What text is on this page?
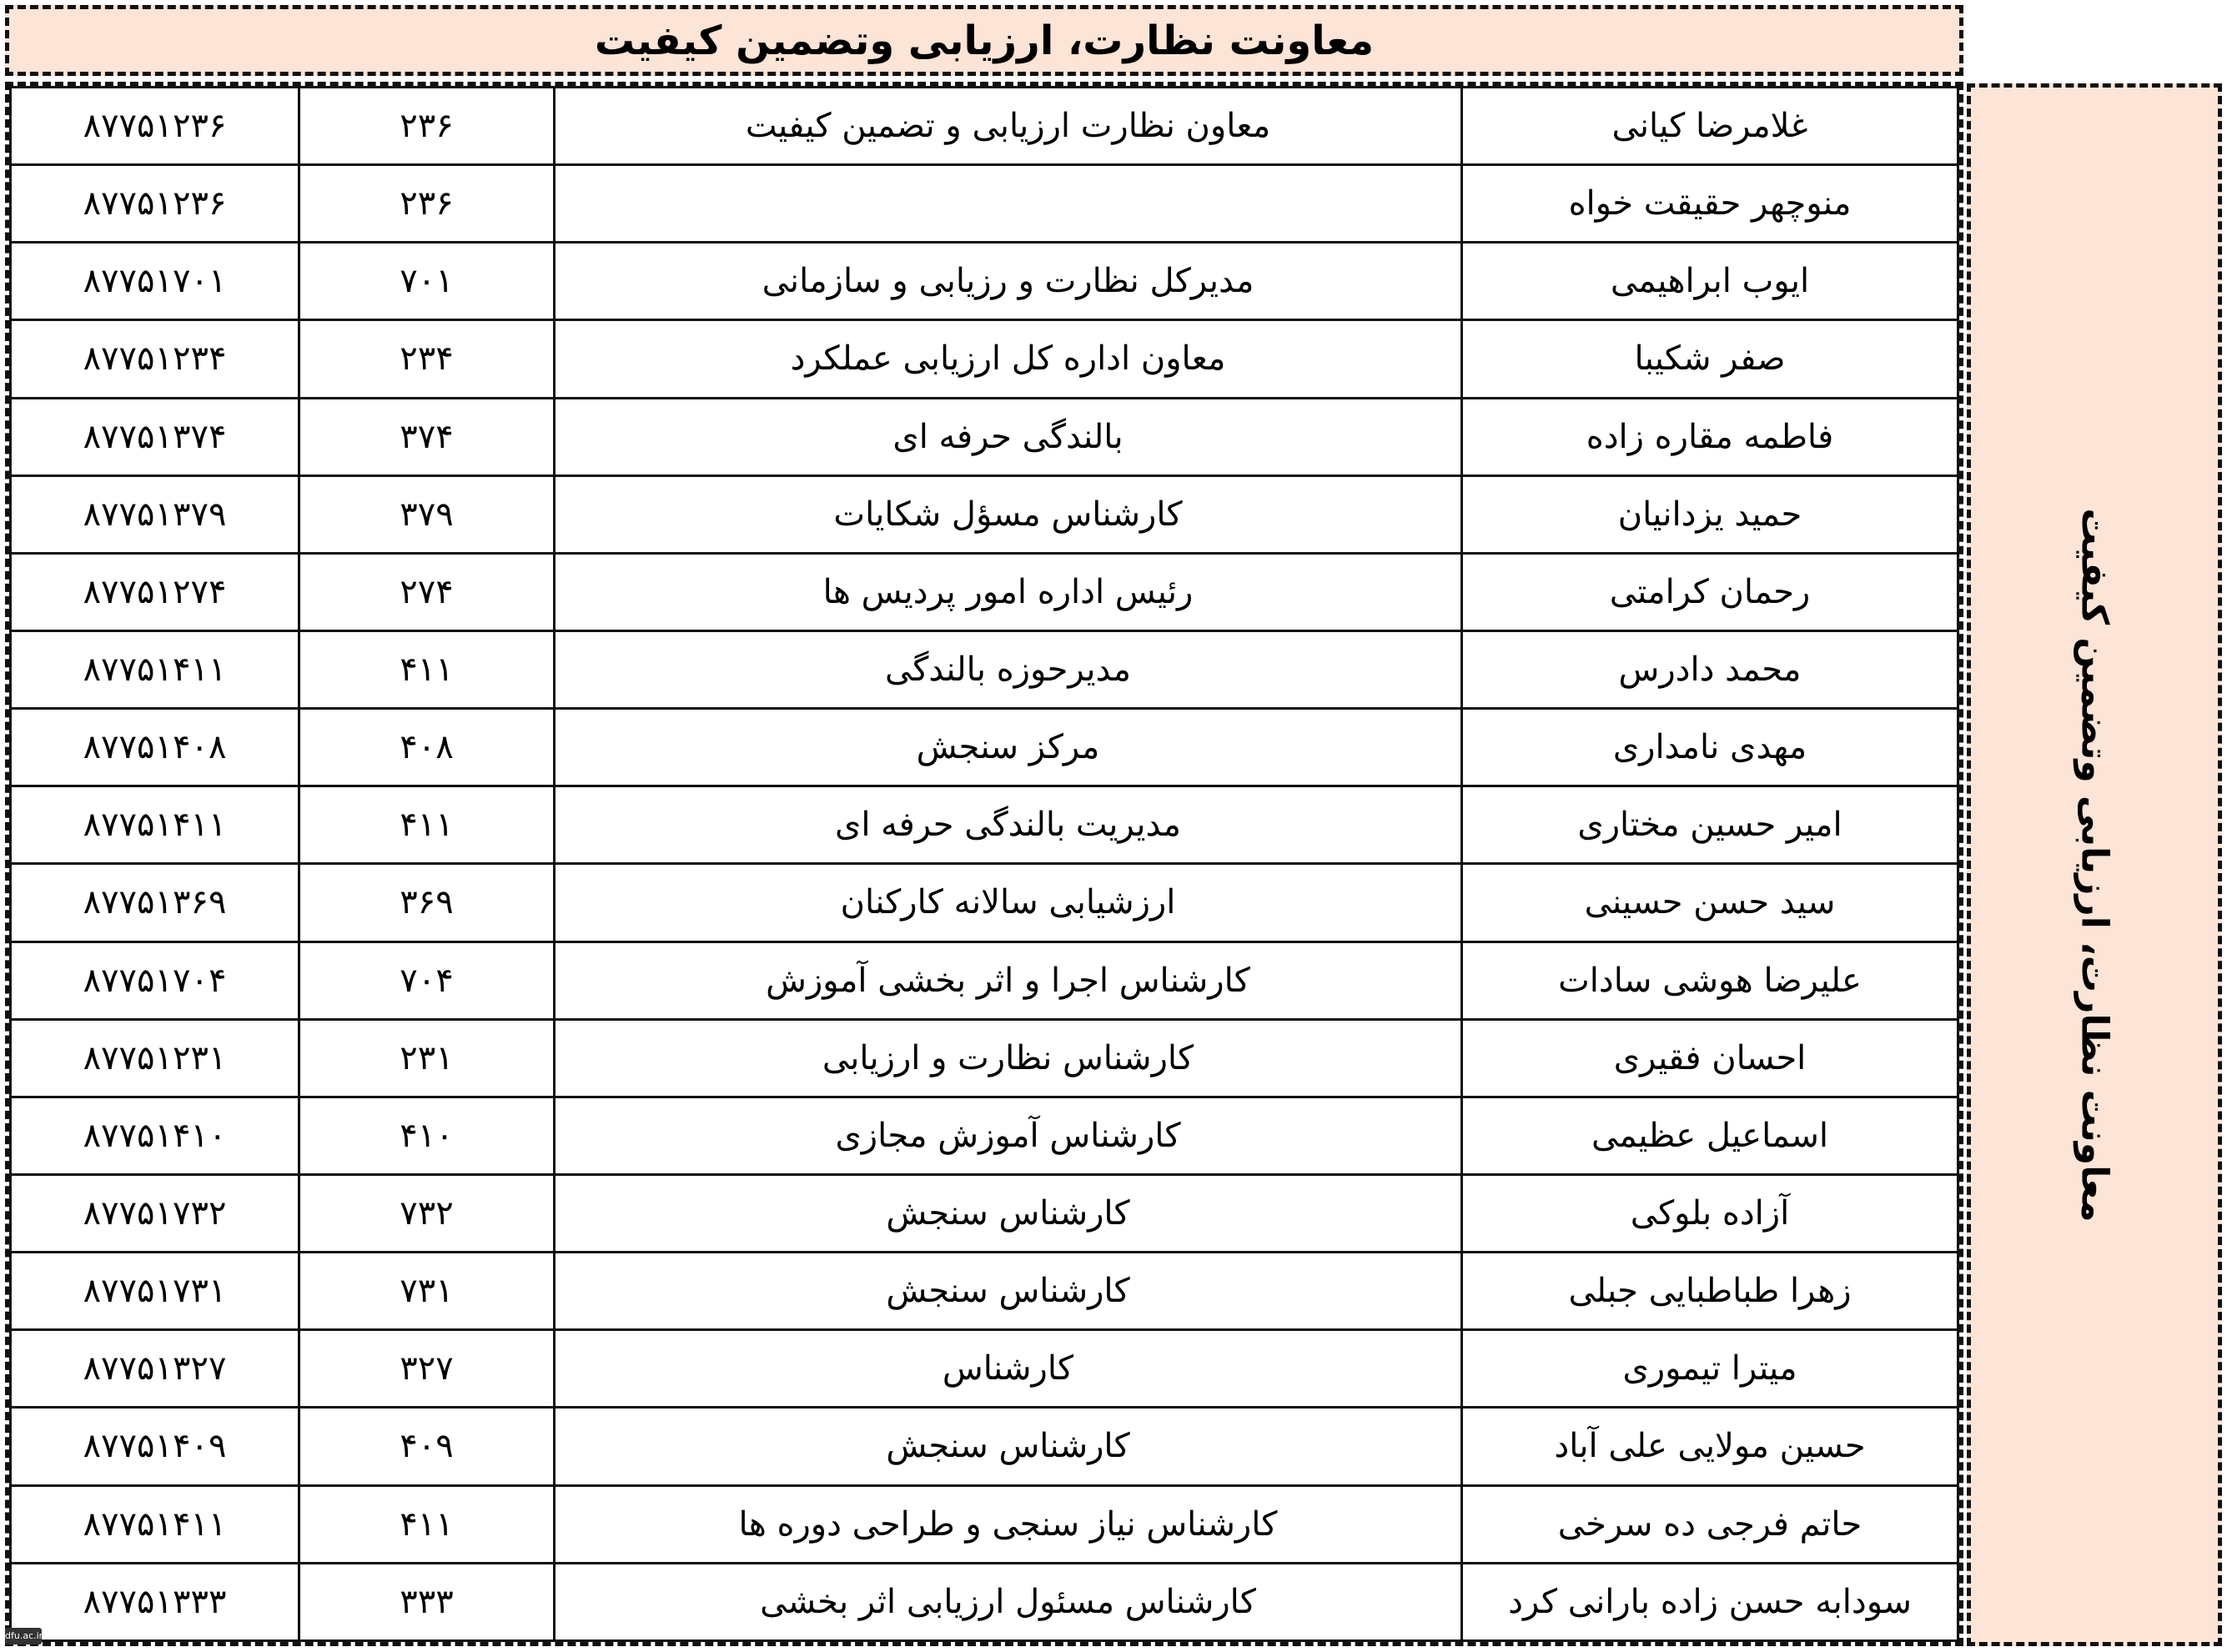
معاونت نظارت، ارزیابی وتضمین کیفیت
۸۷۷۵۱۲۳۶	۲۳۶	معاون نظارت ارزیابی و تضمین کیفیت	غلامرضا کیانی
۸۷۷۵۱۲۳۶	۲۳۶		منوچهر حقیقت خواه
۸۷۷۵۱۷۰۱	۷۰۱	مدیرکل نظارت و رزیابی و سازمانی	ایوب ابراهیمی
۸۷۷۵۱۲۳۴	۲۳۴	معاون اداره کل ارزیابی عملکرد	صفر شکیبا
۸۷۷۵۱۳۷۴	۳۷۴	بالندگی حرفه ای	فاطمه مقاره زاده
۸۷۷۵۱۳۷۹	۳۷۹	کارشناس مسؤل شکایات	حمید یزدانیان
۸۷۷۵۱۲۷۴	۲۷۴	رئیس اداره امور پردیس ها	رحمان کرامتی
۸۷۷۵۱۴۱۱	۴۱۱	مدیرحوزه بالندگی	محمد دادرس
۸۷۷۵۱۴۰۸	۴۰۸	مرکز سنجش	مهدی نامداری
۸۷۷۵۱۴۱۱	۴۱۱	مدیریت بالندگی حرفه ای	امیر حسین مختاری
۸۷۷۵۱۳۶۹	۳۶۹	ارزشیابی سالانه کارکنان	سید حسن حسینی
۸۷۷۵۱۷۰۴	۷۰۴	کارشناس اجرا و اثر بخشی آموزش	علیرضا هوشی سادات
۸۷۷۵۱۲۳۱	۲۳۱	کارشناس نظارت و ارزیابی	احسان فقیری
۸۷۷۵۱۴۱۰	۴۱۰	کارشناس آموزش مجازی	اسماعیل عظیمی
۸۷۷۵۱۷۳۲	۷۳۲	کارشناس سنجش	آزاده بلوکی
۸۷۷۵۱۷۳۱	۷۳۱	کارشناس سنجش	زهرا طباطبایی جبلی
۸۷۷۵۱۳۲۷	۳۲۷	کارشناس	میترا تیموری
۸۷۷۵۱۴۰۹	۴۰۹	کارشناس سنجش	حسین مولایی علی آباد
۸۷۷۵۱۴۱۱	۴۱۱	کارشناس نیاز سنجی و طراحی دوره ها	حاتم فرجی ده سرخی
۸۷۷۵۱۳۳۳	۳۳۳	کارشناس مسئول ارزیابی اثر بخشی	سودابه حسن زاده بارانی کرد
معاونت نظارت، ارزیابی وتضمین کیفیت
dfu.ac.ir
